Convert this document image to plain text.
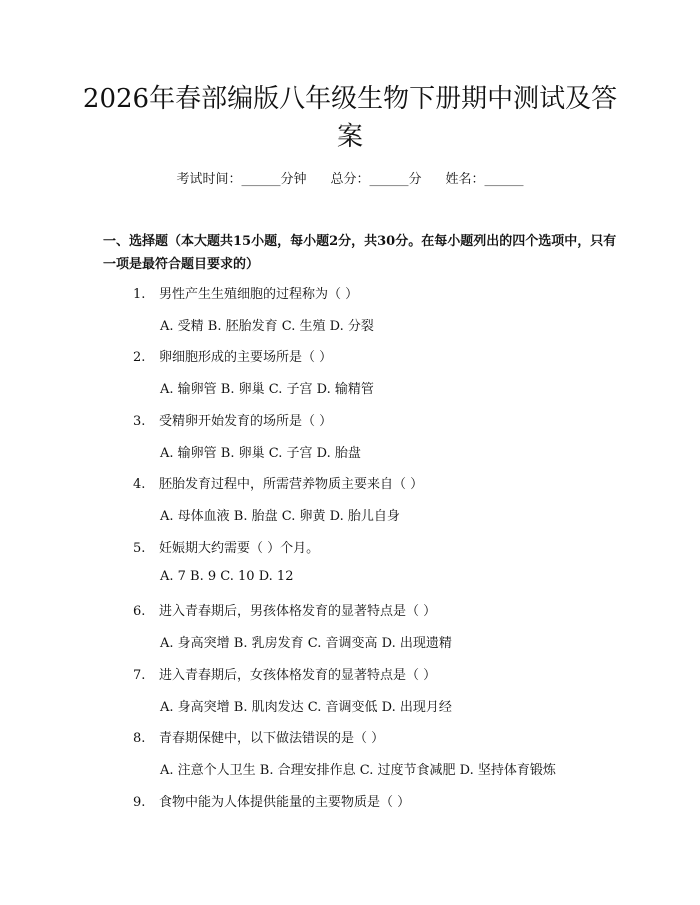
2026年春部编版八年级生物下册期中测试及答案
考试时间：______分钟 总分：______分 姓名：______

一、选择题（本大题共15小题，每小题2分，共30分。在每小题列出的四个选项中，只有一项是最符合题目要求的）

1. 男性产生生殖细胞的过程称为（ ）
A. 受精 B. 胚胎发育 C. 生殖 D. 分裂
2. 卵细胞形成的主要场所是（ ）
A. 输卵管 B. 卵巢 C. 子宫 D. 输精管
3. 受精卵开始发育的场所是（ ）
A. 输卵管 B. 卵巢 C. 子宫 D. 胎盘
4. 胚胎发育过程中，所需营养物质主要来自（ ）
A. 母体血液 B. 胎盘 C. 卵黄 D. 胎儿自身
5. 妊娠期大约需要（ ）个月。
A. 7 B. 9 C. 10 D. 12
6. 进入青春期后，男孩体格发育的显著特点是（ ）
A. 身高突增 B. 乳房发育 C. 音调变高 D. 出现遗精
7. 进入青春期后，女孩体格发育的显著特点是（ ）
A. 身高突增 B. 肌肉发达 C. 音调变低 D. 出现月经
8. 青春期保健中，以下做法错误的是（ ）
A. 注意个人卫生 B. 合理安排作息 C. 过度节食减肥 D. 坚持体育锻炼
9. 食物中能为人体提供能量的主要物质是（ ）
